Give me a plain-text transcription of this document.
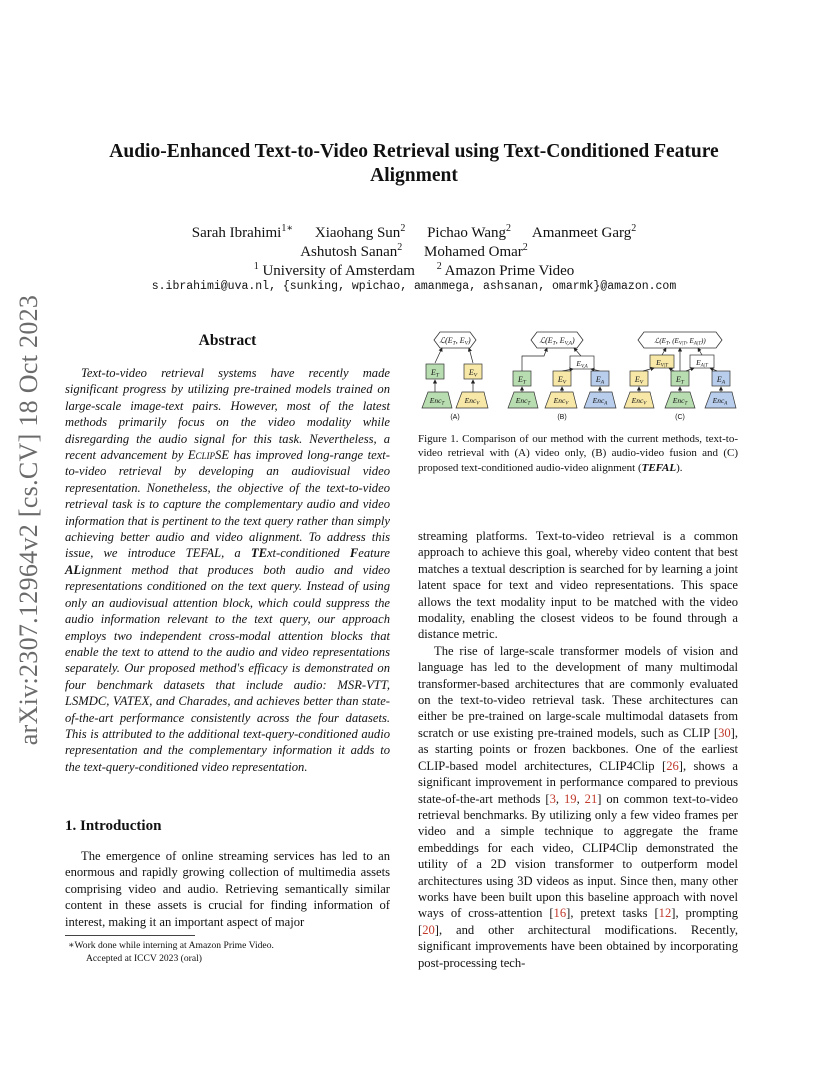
arXiv:2307.12964v2 [cs.CV] 18 Oct 2023
Audio-Enhanced Text-to-Video Retrieval using Text-Conditioned Feature
Alignment
Sarah Ibrahimi$^{1∗}$ Xiaohang Sun$^2$ Pichao Wang$^2$ Amanmeet Garg$^2$
Ashutosh Sanan$^2$ Mohamed Omar$^2$
$^1$ University of Amsterdam $^2$ Amazon Prime Video
s.ibrahimi@uva.nl, {sunking, wpichao, amanmega, ashsanan, omarmk}@amazon.com
Abstract
Text-to-video retrieval systems have recently made significant progress by utilizing pre-trained models trained on large-scale image-text pairs. However, most of the latest methods primarily focus on the video modality while disregarding the audio signal for this task. Nevertheless, a recent advancement by EclipSE has improved long-range text-to-video retrieval by developing an audiovisual video representation. Nonetheless, the objective of the text-to-video retrieval task is to capture the complementary audio and video information that is pertinent to the text query rather than simply achieving better audio and video alignment. To address this issue, we introduce TEFAL, a TExt-conditioned Feature ALignment method that produces both audio and video representations conditioned on the text query. Instead of using only an audiovisual attention block, which could suppress the audio information relevant to the text query, our approach employs two independent cross-modal attention blocks that enable the text to attend to the audio and video representations separately. Our proposed method's efficacy is demonstrated on four benchmark datasets that include audio: MSR-VTT, LSMDC, VATEX, and Charades, and achieves better than state-of-the-art performance consistently across the four datasets. This is attributed to the additional text-query-conditioned audio representation and the complementary information it adds to the text-query-conditioned video representation.
1. Introduction

The emergence of online streaming services has led to an enormous and rapidly growing collection of multimedia assets comprising video and audio. Retrieving semantically similar content in these assets is crucial for finding information of interest, making it an important aspect of major

∗Work done while interning at Amazon Prime Video.
Accepted at ICCV 2023 (oral)
ℒ(ET, EV)
ET	EV
Enc$_T$	Enc$_V$
(A)
ℒ(ET, EV,A)
$E_{V,A}$
ET	EV	EA
Enc$_T$	Enc$_V$	Enc$_A$
(B)
$ℒ(E_T$, ($E_{V|T}$, $E_{A|T}$))
$E_{V|T}$	$E_{A|T}$
EV	ET	EA
Enc$_V$	Enc$_T$	Enc$_A$
(C)
Figure 1. Comparison of our method with the current methods, text-to-video retrieval with (A) video only, (B) audio-video fusion and (C) proposed text-conditioned audio-video alignment (TEFAL).

streaming platforms. Text-to-video retrieval is a common approach to achieve this goal, whereby video content that best matches a textual description is searched for by learning a joint latent space for text and video representations. This space allows the text modality input to be matched with the video modality, enabling the closest videos to be found through a distance metric.

The rise of large-scale transformer models of vision and language has led to the development of many multimodal transformer-based architectures that are commonly evaluated on the text-to-video retrieval task. These architectures can either be pre-trained on large-scale multimodal datasets from scratch or use existing pre-trained models, such as CLIP [30], as starting points or frozen backbones. One of the earliest CLIP-based model architectures, CLIP4Clip [26], shows a significant improvement in performance compared to previous state-of-the-art methods [3, 19, 21] on common text-to-video retrieval benchmarks. By utilizing only a few video frames per video and a simple technique to aggregate the frame embeddings for each video, CLIP4Clip demonstrated the utility of a 2D vision transformer to outperform model architectures using 3D videos as input. Since then, many other works have been built upon this baseline approach with novel ways of cross-attention [16], pretext tasks [12], prompting [20], and other architectural modifications. Recently, significant improvements have been obtained by incorporating post-processing tech-
